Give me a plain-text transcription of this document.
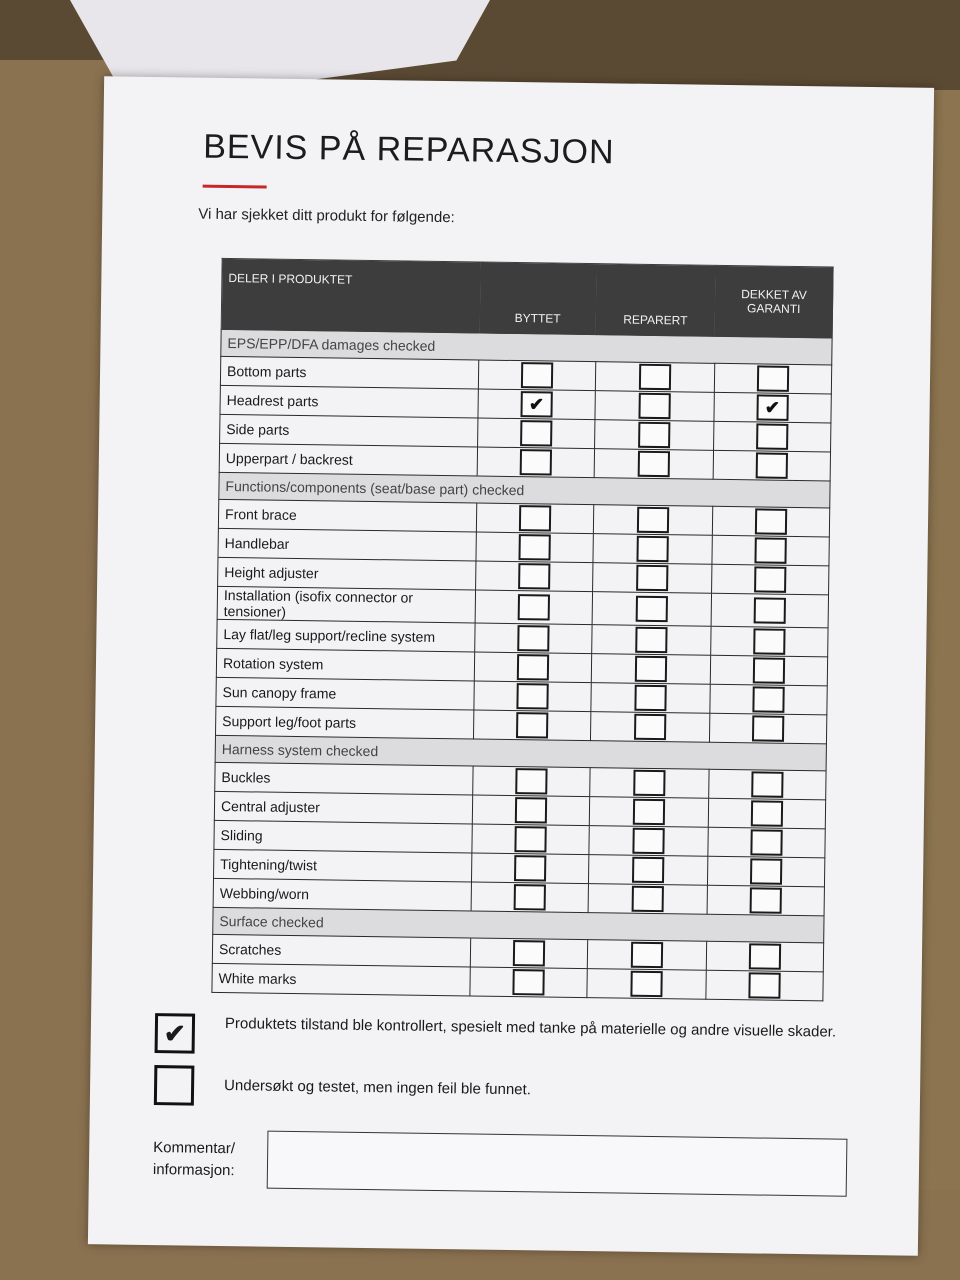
BEVIS PÅ REPARASJON
Vi har sjekket ditt produkt for følgende:
DELER I PRODUKTET	BYTTET	REPARERT	DEKKET AV
GARANTI
EPS/EPP/DFA damages checked			
Bottom parts			
Headrest parts	✔		✔
Side parts			
Upperpart / backrest			
Functions/components (seat/base part) checked			
Front brace			
Handlebar			
Height adjuster			
Installation (isofix connector or tensioner)			
Lay flat/leg support/recline system			
Rotation system			
Sun canopy frame			
Support leg/foot parts			
Harness system checked			
Buckles			
Central adjuster			
Sliding			
Tightening/twist			
Webbing/worn			
Surface checked			
Scratches			
White marks			
✔	Produktets tilstand ble kontrollert, spesielt med tanke på materielle og andre visuelle skader.
Undersøkt og testet, men ingen feil ble funnet.
Kommentar/
informasjon:
